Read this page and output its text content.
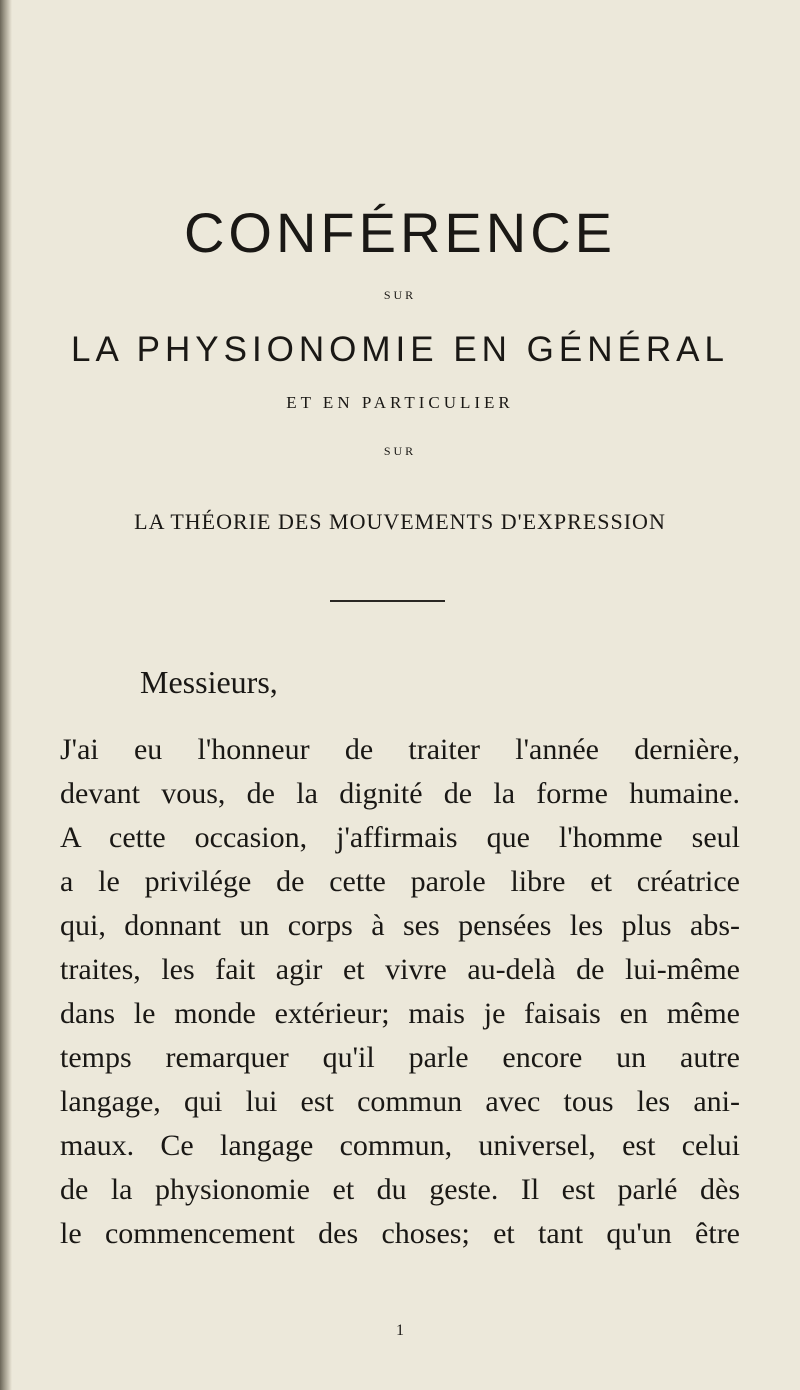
CONFÉRENCE
SUR
LA PHYSIONOMIE EN GÉNÉRAL
ET EN PARTICULIER
SUR
LA THÉORIE DES MOUVEMENTS D'EXPRESSION
Messieurs,
J'ai eu l'honneur de traiter l'année dernière,
devant vous, de la dignité de la forme humaine.
A cette occasion, j'affirmais que l'homme seul
a le privilége de cette parole libre et créatrice
qui, donnant un corps à ses pensées les plus abs-
traites, les fait agir et vivre au-delà de lui-même
dans le monde extérieur; mais je faisais en même
temps remarquer qu'il parle encore un autre
langage, qui lui est commun avec tous les ani-
maux. Ce langage commun, universel, est celui
de la physionomie et du geste. Il est parlé dès
le commencement des choses; et tant qu'un être
1
